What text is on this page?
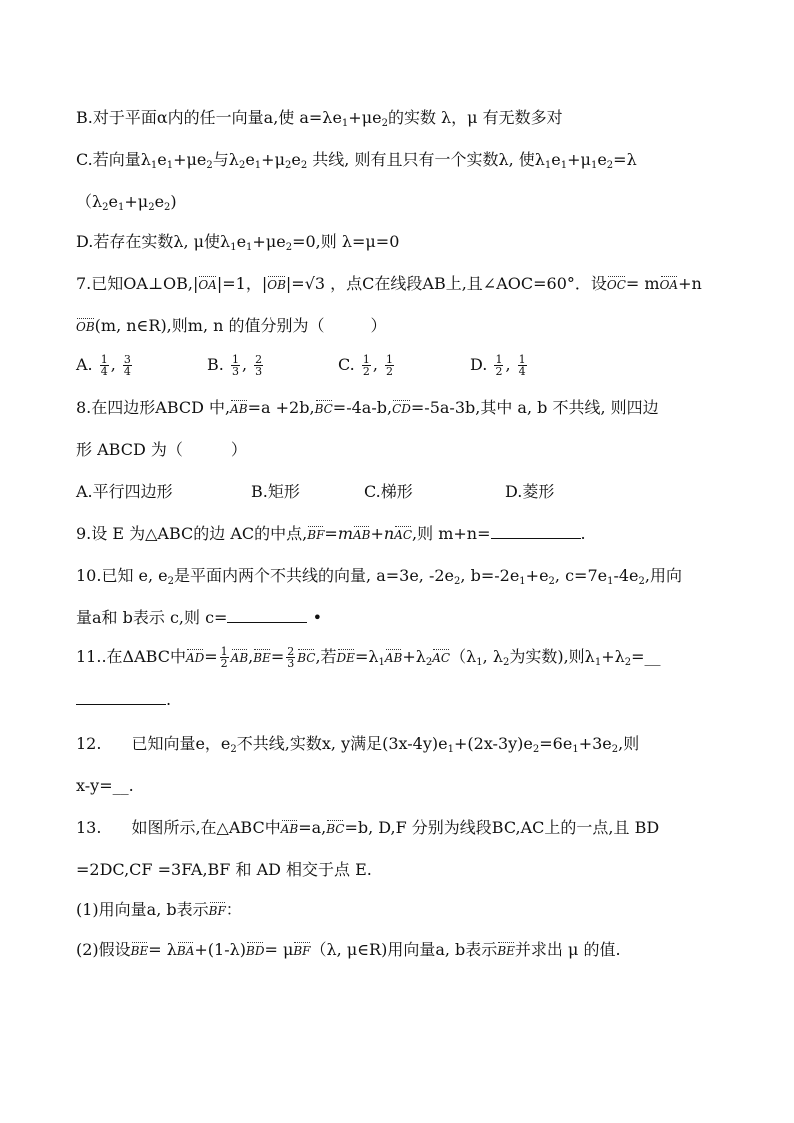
B.对于平面α内的任一向量a,使 $a=\lambda e_1+\mu e_2$的实数 λ，μ 有无数多对
C.若向量$\lambda_1e_1+\mu e_2$与$\lambda_2e_1+\mu_2e_2$ 共线, 则有且只有一个实数λ, 使$\lambda_1e_1+\mu_1e_2=\lambda$
$(\lambda_2e_1+\mu_2e_2)$
D.若存在实数λ, μ使$\lambda_1e_1+\mu e_2=0$,则 λ=μ=0
7.已知OA⊥OB,|OA|=1，|OB|=√3 ，点C在线段AB上,且∠AOC=60°．设OC= mOA+n
OB(m, n∈R),则m, n 的值分别为（	）
A. $\frac{1}{4}$ , $\frac{3}{4}$	B. $\frac{1}{3}$ , $\frac{2}{3}$	C. $\frac{1}{2}$ , $\frac{1}{2}$	D. $\frac{1}{2}$ , $\frac{1}{4}$
8.在四边形ABCD 中,AB=a +2b,BC=-4a-b,CD=-5a-3b,其中 a, b 不共线, 则四边
形 ABCD 为（　　　）
A.平行四边形	B.矩形	C.梯形	D.菱形
9.设 E 为△ABC的边 AC的中点,BF=mAB+nAC,则 m+n=	.
10.已知 e, $e_2$是平面内两个不共线的向量, a=3e, $-2e_2$, $b=-2e_1+e_2$, $c=7e_1-4e_2$,用向
量a和 b表示 c,则 c=	•
11..在ΔABC中$AD= \frac{1}{2} AB,BE= \frac{2}{3}$ BC,若$DE=\lambda_1AB+\lambda_2AC(\lambda_1$, $\lambda_2$为实数),则$\lambda_1+\lambda_2=\_\_$
.
12. 已知向量e，$e_2$不共线,实数x, y满足$(3x-4y)e_1+(2x-3y)e_2=6e_1+3e_2$,则
x-y=__.
13. 如图所示,在△ABC中AB=a,BC=b, D,F 分别为线段BC,AC上的一点,且 BD
=2DC,CF =3FA,BF 和 AD 相交于点 E.
(1)用向量a, b表示BF：
(2)假设BE= λBA+(1-λ)BD= μBF（λ, μ∈R)用向量a, b表示BE并求出 μ 的值.
